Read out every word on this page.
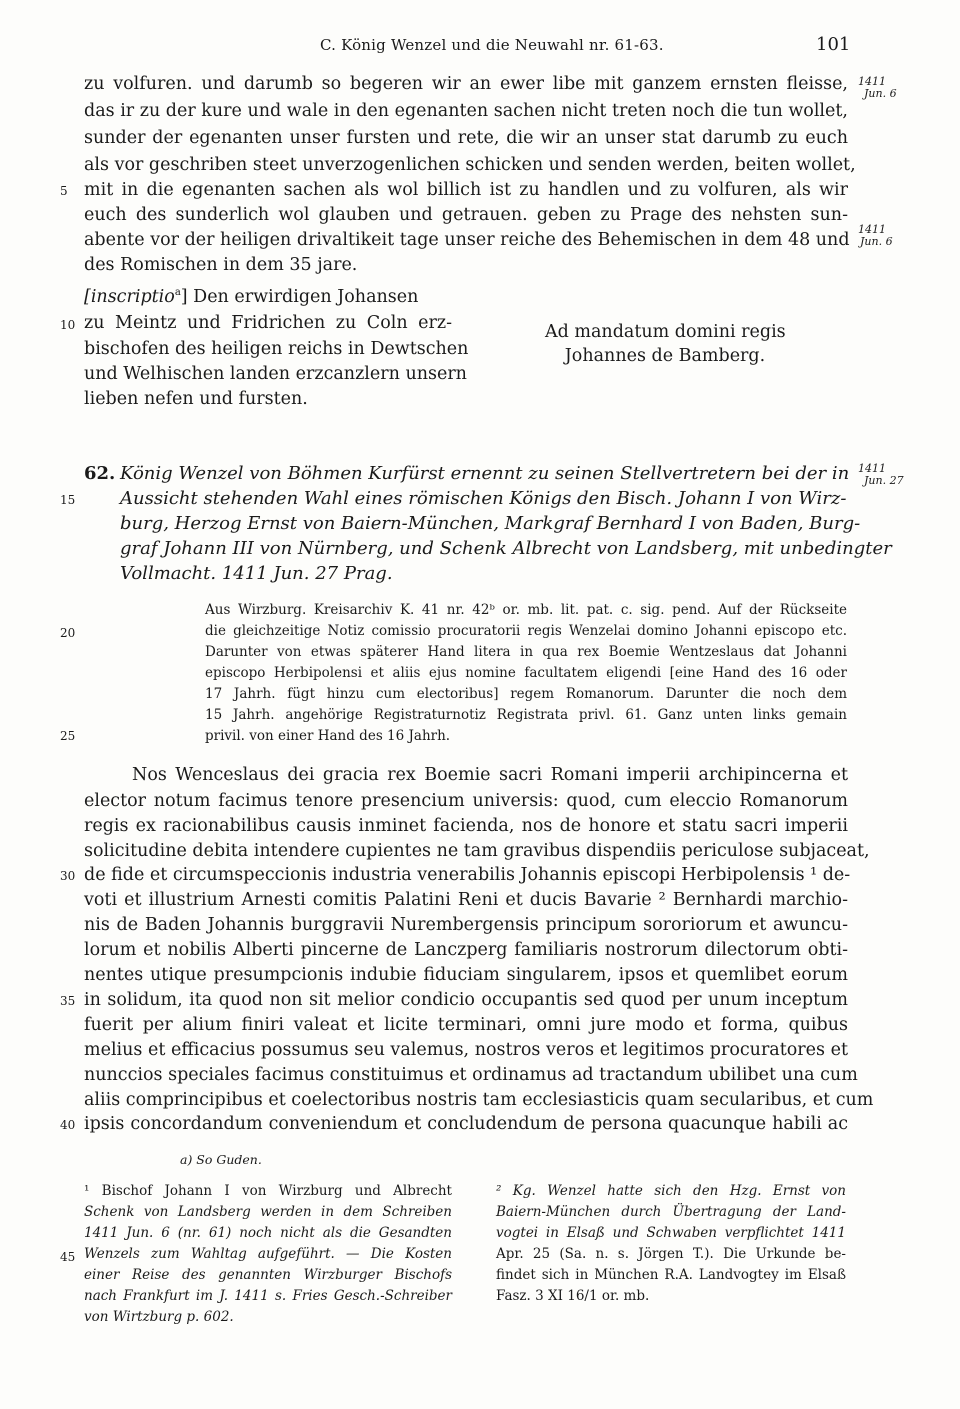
C. König Wenzel und die Neuwahl nr. 61-63.	101
zu volfuren. und darumb so begeren wir an ewer libe mit ganzem ernsten fleisse,
das ir zu der kure und wale in den egenanten sachen nicht treten noch die tun wollet,
sunder der egenanten unser fursten und rete, die wir an unser stat darumb zu euch
als vor geschriben steet unverzogenlichen schicken und senden werden, beiten wollet,
mit in die egenanten sachen als wol billich ist zu handlen und zu volfuren, als wir
euch des sunderlich wol glauben und getrauen. geben zu Prage des nehsten sun-
abente vor der heiligen drivaltikeit tage unser reiche des Behemischen in dem 48 und
des Romischen in dem 35 jare.
1411
Jun. 6
1411
Jun. 6
1411
Jun. 27
[inscriptio$^a$] Den erwirdigen Johansen
zu Meintz und Fridrichen zu Coln erz-
bischofen des heiligen reichs in Dewtschen
und Welhischen landen erzcanzlern unsern
lieben nefen und fursten.
Ad mandatum domini regis
Johannes de Bamberg.
62. König Wenzel von Böhmen Kurfürst ernennt zu seinen Stellvertretern bei der in
Aussicht stehenden Wahl eines römischen Königs den Bisch. Johann I von Wirz-
burg, Herzog Ernst von Baiern-München, Markgraf Bernhard I von Baden, Burg-
graf Johann III von Nürnberg, und Schenk Albrecht von Landsberg, mit unbedingter
Vollmacht. 1411 Jun. 27 Prag.
Aus Wirzburg. Kreisarchiv K. 41 nr. 42ᵇ or. mb. lit. pat. c. sig. pend. Auf der Rückseite
die gleichzeitige Notiz comissio procuratorii regis Wenzelai domino Johanni episcopo etc.
Darunter von etwas späterer Hand litera in qua rex Boemie Wentzeslaus dat Johanni
episcopo Herbipolensi et aliis ejus nomine facultatem eligendi [eine Hand des 16 oder
17 Jahrh. fügt hinzu cum electoribus] regem Romanorum. Darunter die noch dem
15 Jahrh. angehörige Registraturnotiz Registrata privl. 61. Ganz unten links gemain
privil. von einer Hand des 16 Jahrh.
Nos Wenceslaus dei gracia rex Boemie sacri Romani imperii archipincerna et
elector notum facimus tenore presencium universis: quod, cum eleccio Romanorum
regis ex racionabilibus causis inminet facienda, nos de honore et statu sacri imperii
solicitudine debita intendere cupientes ne tam gravibus dispendiis periculose subjaceat,
de fide et circumspeccionis industria venerabilis Johannis episcopi Herbipolensis ¹ de-
voti et illustrium Arnesti comitis Palatini Reni et ducis Bavarie ² Bernhardi marchio-
nis de Baden Johannis burggravii Nurembergensis principum sororiorum et awuncu-
lorum et nobilis Alberti pincerne de Lanczperg familiaris nostrorum dilectorum obti-
nentes utique presumpcionis indubie fiduciam singularem, ipsos et quemlibet eorum
in solidum, ita quod non sit melior condicio occupantis sed quod per unum inceptum
fuerit per alium finiri valeat et licite terminari, omni jure modo et forma, quibus
melius et efficacius possumus seu valemus, nostros veros et legitimos procuratores et
nunccios speciales facimus constituimus et ordinamus ad tractandum ubilibet una cum
aliis comprincipibus et coelectoribus nostris tam ecclesiasticis quam secularibus, et cum
ipsis concordandum conveniendum et concludendum de persona quacunque habili ac
a) So Guden.
¹ Bischof Johann I von Wirzburg und Albrecht
Schenk von Landsberg werden in dem Schreiben
1411 Jun. 6 (nr. 61) noch nicht als die Gesandten
Wenzels zum Wahltag aufgeführt. — Die Kosten
einer Reise des genannten Wirzburger Bischofs
nach Frankfurt im J. 1411 s. Fries Gesch.-Schreiber
von Wirtzburg p. 602.
² Kg. Wenzel hatte sich den Hzg. Ernst von
Baiern-München durch Übertragung der Land-
vogtei in Elsaß und Schwaben verpflichtet 1411
Apr. 25 (Sa. n. s. Jörgen T.). Die Urkunde be-
findet sich in München R.A. Landvogtey im Elsaß
Fasz. 3 XI 16/1 or. mb.
5
10
15
20
25
30
35
40
45
